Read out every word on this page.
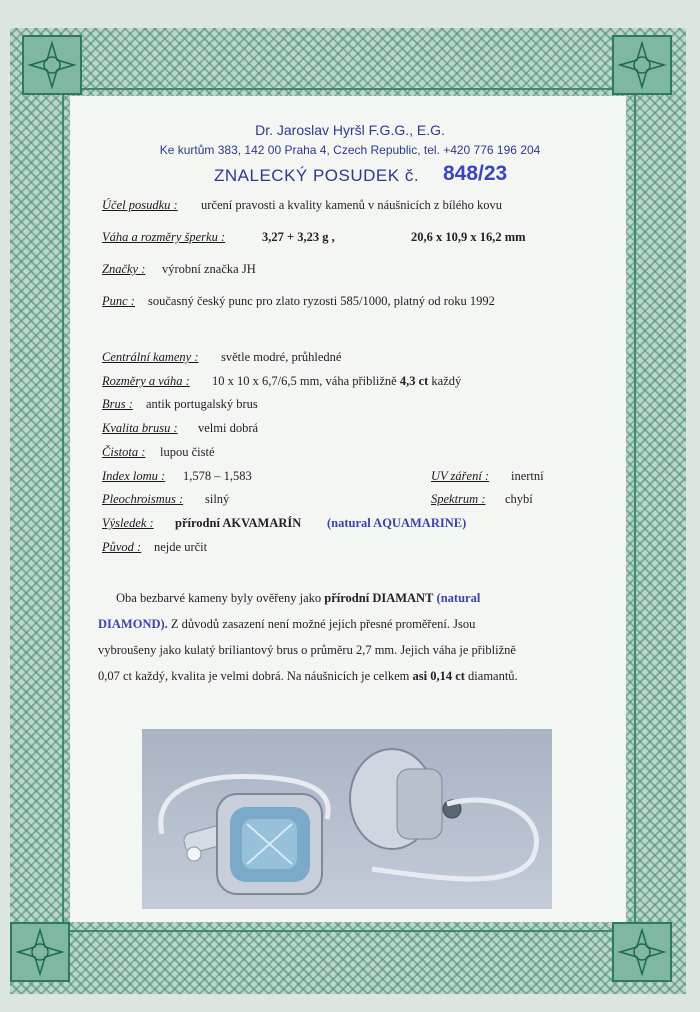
Dr. Jaroslav Hyršl F.G.G., E.G.
Ke kurtům 383, 142 00 Praha 4, Czech Republic, tel. +420 776 196 204
ZNALECKÝ POSUDEK č. 848/23
Účel posudku : určení pravosti a kvality kamenů v náušnicích z bílého kovu
Váha a rozměry šperku :	3,27 + 3,23 g ,	20,6 x 10,9 x 16,2 mm
Značky : výrobní značka JH
Punc : současný český punc pro zlato ryzosti 585/1000, platný od roku 1992
Centrální kameny : světle modré, průhledné
Rozměry a váha : 10 x 10 x 6,7/6,5 mm, váha přibližně 4,3 ct každý
Brus : antik portugalský brus
Kvalita brusu : velmi dobrá
Čistota : lupou čisté
Index lomu : 1,578 – 1,583	UV záření : inertní
Pleochroismus : silný	Spektrum : chybí
Výsledek : přírodní AKVAMARÍN (natural AQUAMARINE)
Původ : nejde určit
Oba bezbarvé kameny byly ověřeny jako přírodní DIAMANT (natural
DIAMOND). Z důvodů zasazení není možné jejich přesné proměření. Jsou
vybroušeny jako kulatý briliantový brus o průměru 2,7 mm. Jejich váha je přibližně
0,07 ct každý, kvalita je velmi dobrá. Na náušnicích je celkem asi 0,14 ct diamantů.
